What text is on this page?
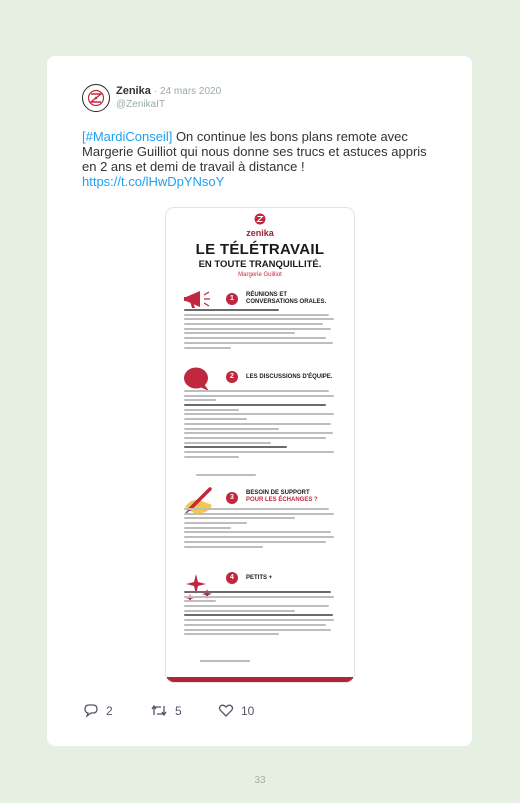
Zenika · 24 mars 2020
@ZenikaIT
[#MardiConseil] On continue les bons plans remote avec Margerie Guilliot qui nous donne ses trucs et astuces appris en 2 ans et demi de travail à distance !
https://t.co/lHwDpYNsoY
zenika
LE TÉLÉTRAVAIL
EN TOUTE TRANQUILLITÉ.
Margerie Guilliot
1	RÉUNIONS ET
CONVERSATIONS ORALES.
2	LES DISCUSSIONS D'ÉQUIPE.
3
BESOIN DE SUPPORT
POUR LES ÉCHANGES ?
4	PETITS +
2	5	10
33
